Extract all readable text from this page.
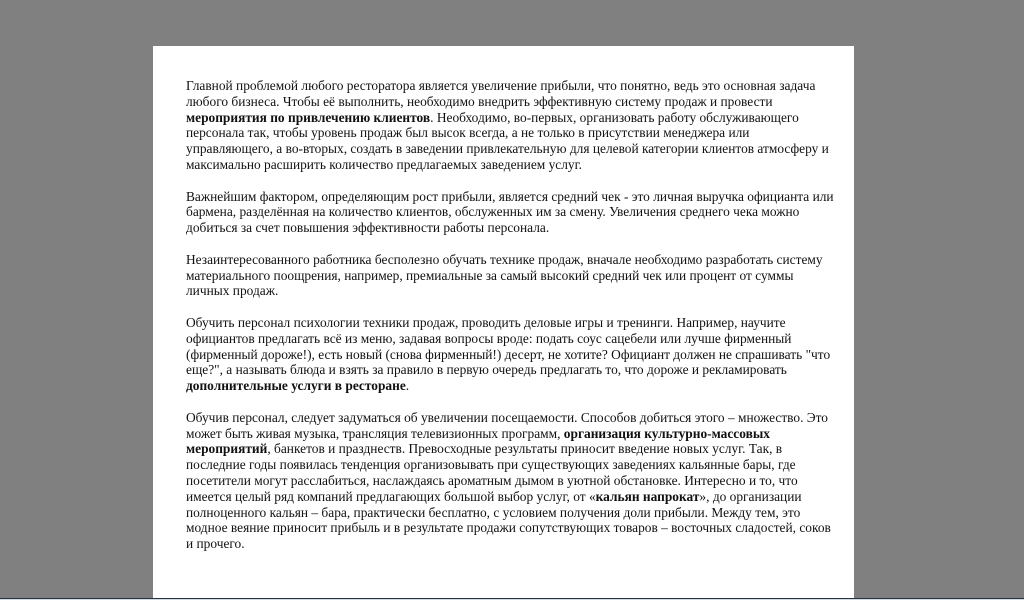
Главной проблемой любого ресторатора является увеличение прибыли, что понятно, ведь это основная задача любого бизнеса. Чтобы её выполнить, необходимо внедрить эффективную систему продаж и провести мероприятия по привлечению клиентов. Необходимо, во-первых, организовать работу обслуживающего персонала так, чтобы уровень продаж был высок всегда, а не только в присутствии менеджера или управляющего, а во-вторых, создать в заведении привлекательную для целевой категории клиентов атмосферу и максимально расширить количество предлагаемых заведением услуг.

Важнейшим фактором, определяющим рост прибыли, является средний чек - это личная выручка официанта или бармена, разделённая на количество клиентов, обслуженных им за смену. Увеличения среднего чека можно добиться за счет повышения эффективности работы персонала.

Незаинтересованного работника бесполезно обучать технике продаж, вначале необходимо разработать систему материального поощрения, например, премиальные за самый высокий средний чек или процент от суммы личных продаж.

Обучить персонал психологии техники продаж, проводить деловые игры и тренинги. Например, научите официантов предлагать всё из меню, задавая вопросы вроде: подать соус сацебели или лучше фирменный (фирменный дороже!), есть новый (снова фирменный!) десерт, не хотите? Официант должен не спрашивать "что еще?", а называть блюда и взять за правило в первую очередь предлагать то, что дороже и рекламировать дополнительные услуги в ресторане.

Обучив персонал, следует задуматься об увеличении посещаемости. Способов добиться этого – множество. Это может быть живая музыка, трансляция телевизионных программ, организация культурно-массовых мероприятий, банкетов и празднеств. Превосходные результаты приносит введение новых услуг. Так, в последние годы появилась тенденция организовывать при существующих заведениях кальянные бары, где посетители могут расслабиться, наслаждаясь ароматным дымом в уютной обстановке. Интересно и то, что имеется целый ряд компаний предлагающих большой выбор услуг, от «кальян напрокат», до организации полноценного кальян – бара, практически бесплатно, с условием получения доли прибыли. Между тем, это модное веяние приносит прибыль и в результате продажи сопутствующих товаров – восточных сладостей, соков и прочего.
